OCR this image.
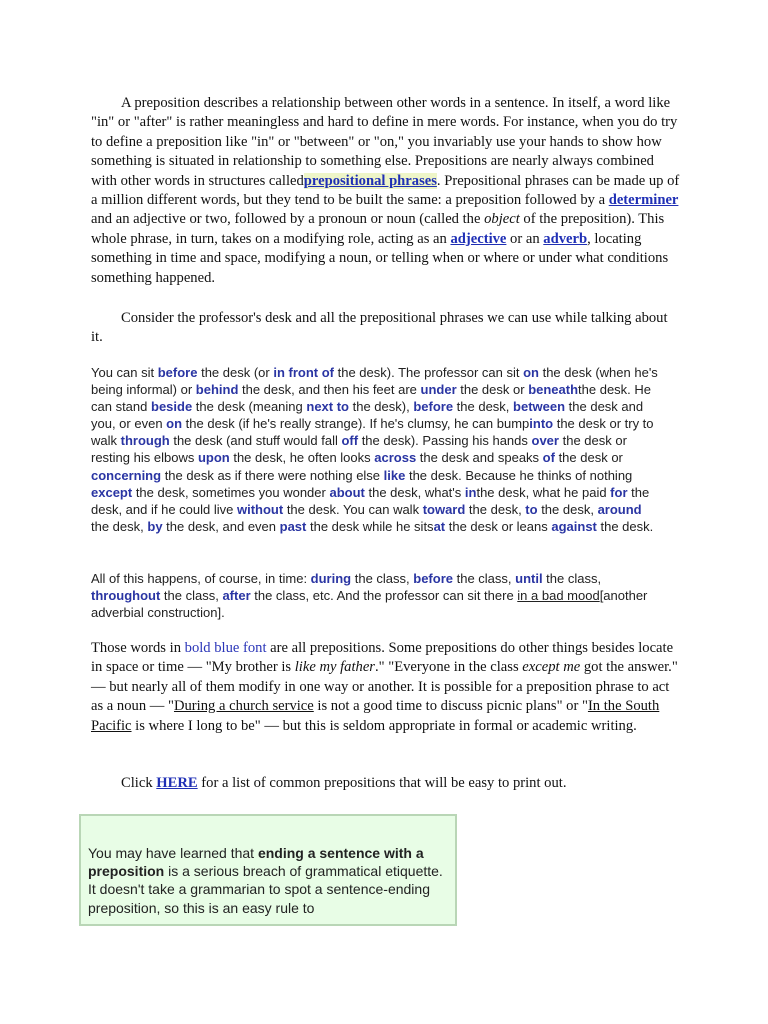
A preposition describes a relationship between other words in a sentence. In itself, a word like "in" or "after" is rather meaningless and hard to define in mere words. For instance, when you do try to define a preposition like "in" or "between" or "on," you invariably use your hands to show how something is situated in relationship to something else. Prepositions are nearly always combined with other words in structures calledprepositional phrases. Prepositional phrases can be made up of a million different words, but they tend to be built the same: a preposition followed by a determiner and an adjective or two, followed by a pronoun or noun (called the object of the preposition). This whole phrase, in turn, takes on a modifying role, acting as an adjective or an adverb, locating something in time and space, modifying a noun, or telling when or where or under what conditions something happened.

Consider the professor's desk and all the prepositional phrases we can use while talking about it.

You can sit before the desk (or in front of the desk). The professor can sit on the desk (when he's being informal) or behind the desk, and then his feet are under the desk or beneaththe desk. He can stand beside the desk (meaning next to the desk), before the desk, between the desk and you, or even on the desk (if he's really strange). If he's clumsy, he can bumpinto the desk or try to walk through the desk (and stuff would fall off the desk). Passing his hands over the desk or resting his elbows upon the desk, he often looks across the desk and speaks of the desk or concerning the desk as if there were nothing else like the desk. Because he thinks of nothing except the desk, sometimes you wonder about the desk, what's inthe desk, what he paid for the desk, and if he could live without the desk. You can walk toward the desk, to the desk, around the desk, by the desk, and even past the desk while he sitsat the desk or leans against the desk.

All of this happens, of course, in time: during the class, before the class, until the class, throughout the class, after the class, etc. And the professor can sit there in a bad mood[another adverbial construction].

Those words in bold blue font are all prepositions. Some prepositions do other things besides locate in space or time — "My brother is like my father." "Everyone in the class except me got the answer." — but nearly all of them modify in one way or another. It is possible for a preposition phrase to act as a noun — "During a church service is not a good time to discuss picnic plans" or "In the South Pacific is where I long to be" — but this is seldom appropriate in formal or academic writing.

Click HERE for a list of common prepositions that will be easy to print out.

You may have learned that ending a sentence with a preposition is a serious breach of grammatical etiquette. It doesn't take a grammarian to spot a sentence-ending preposition, so this is an easy rule to
